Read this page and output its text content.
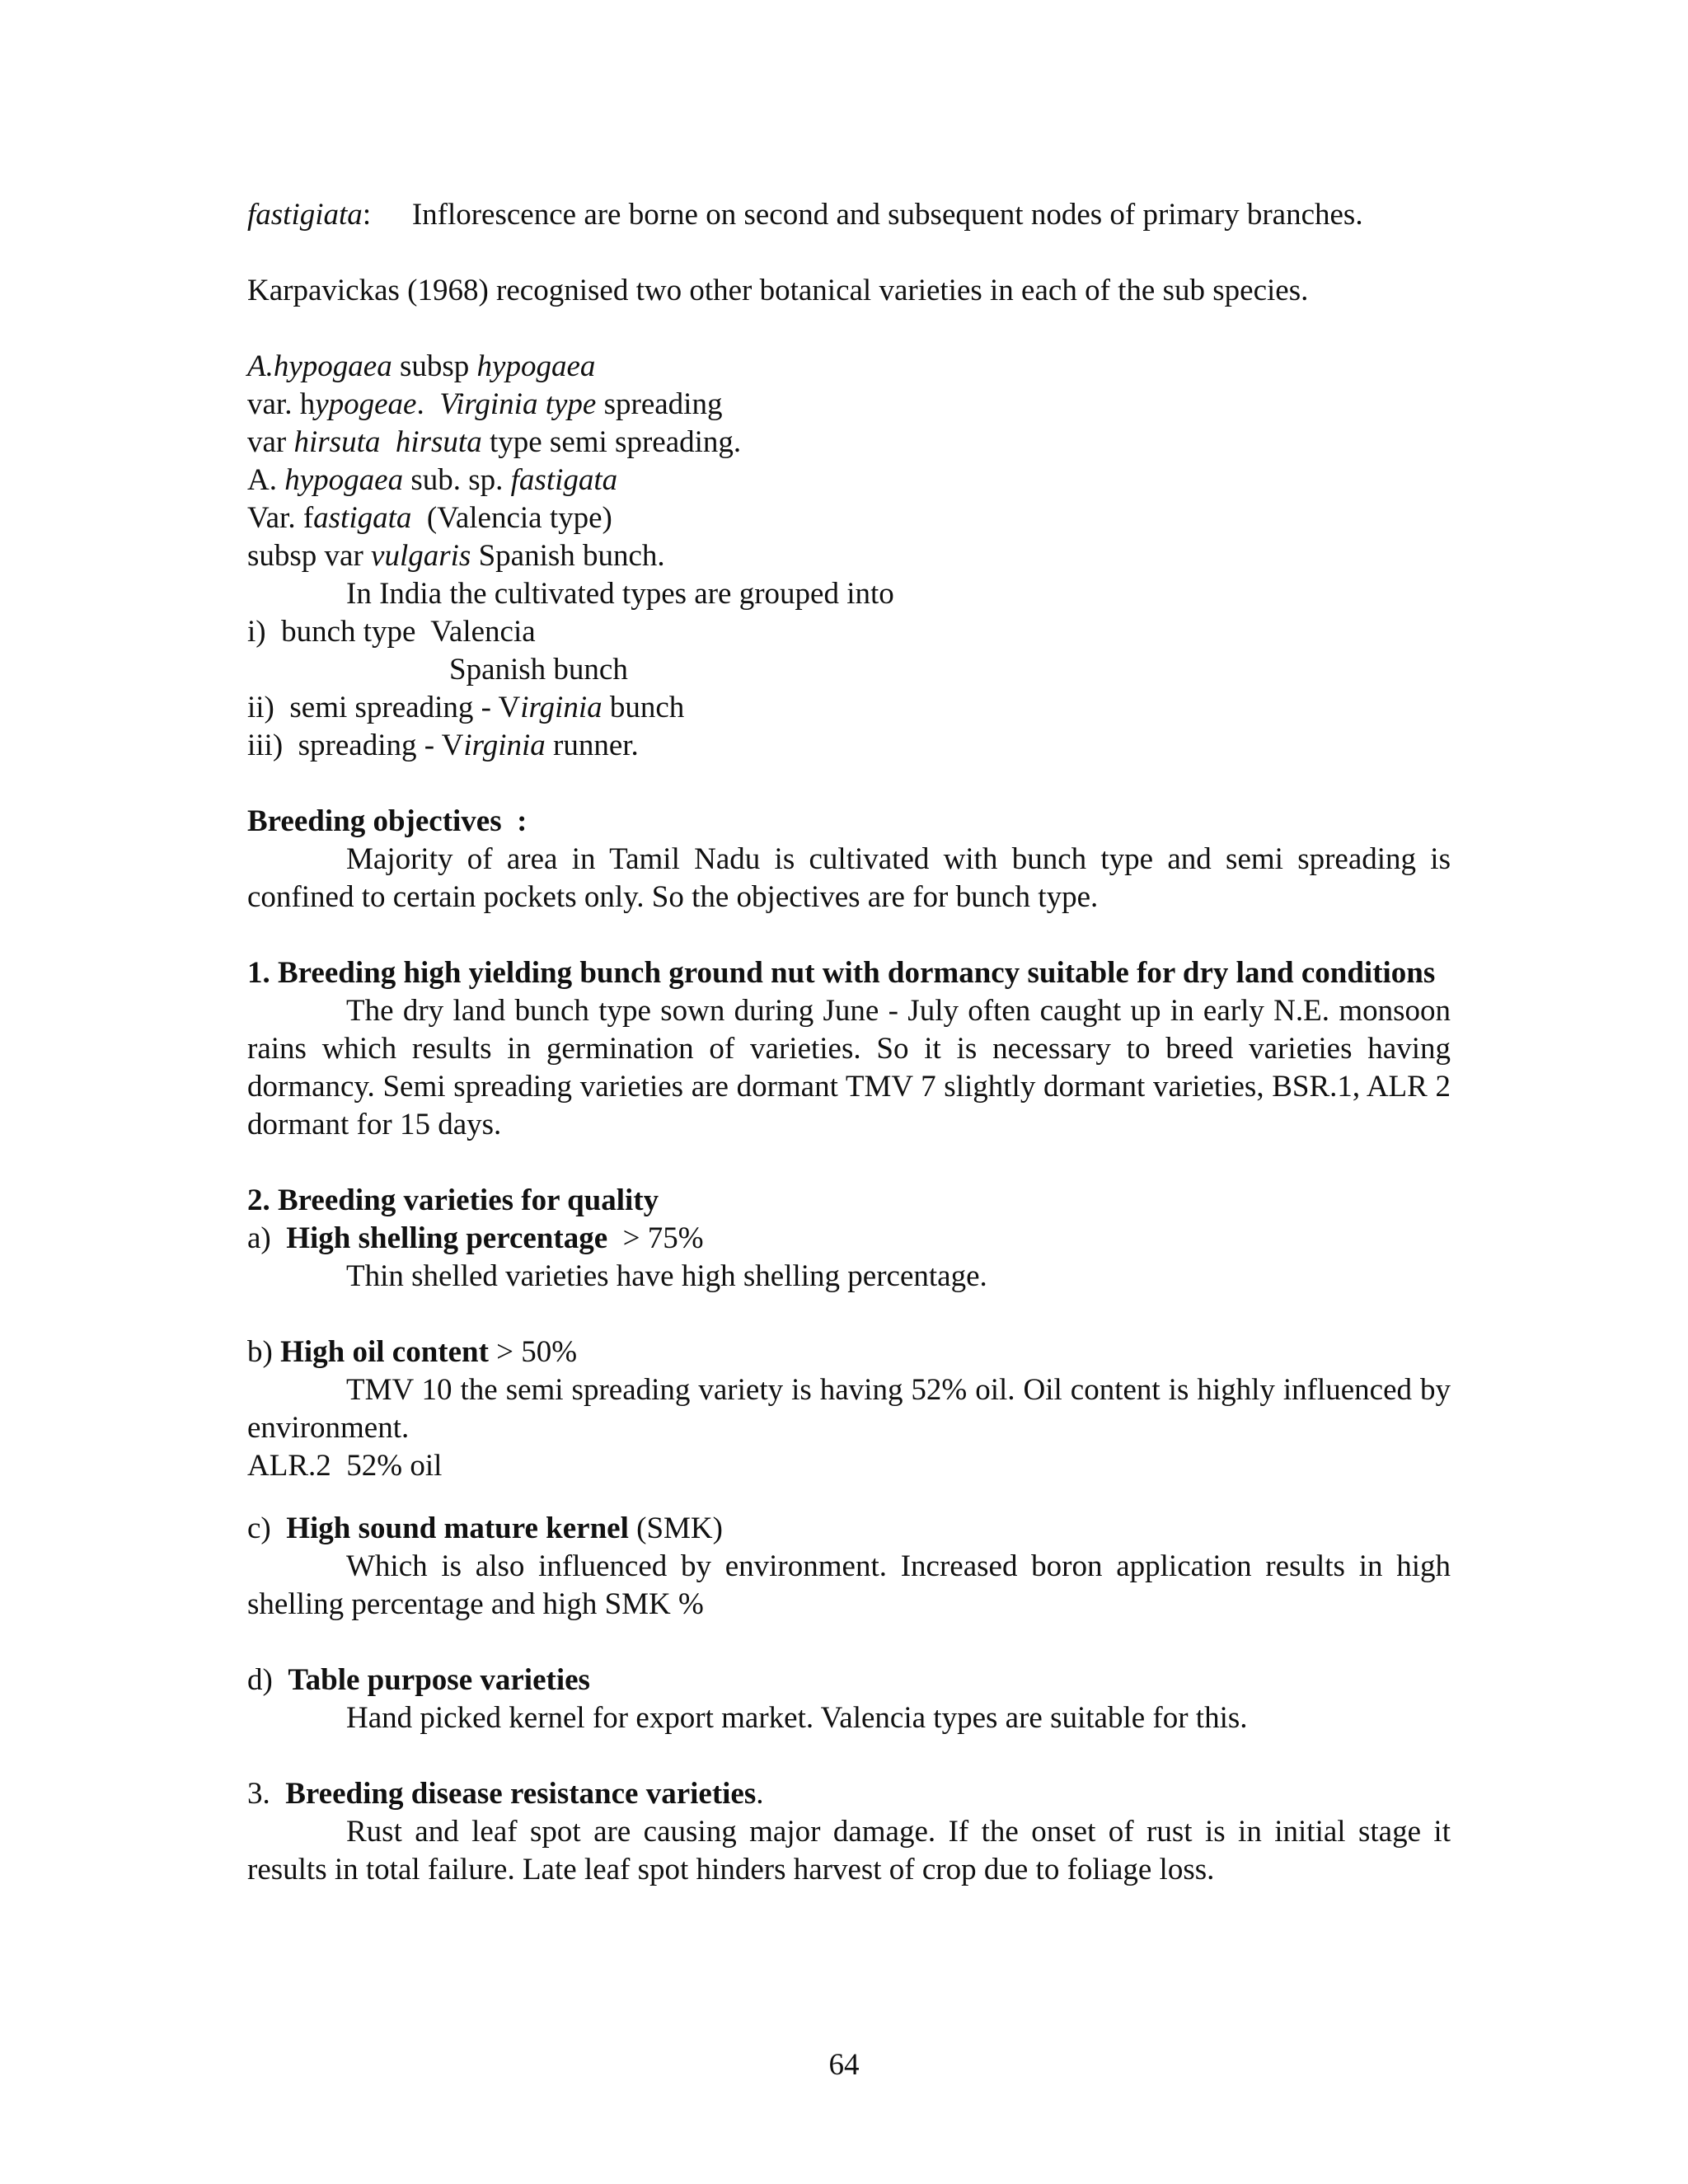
fastigiata: Inflorescence are borne on second and subsequent nodes of primary branches.

Karpavickas (1968) recognised two other botanical varieties in each of the sub species.

A.hypogaea subsp hypogaea

var. hypogeae.  Virginia type spreading

var hirsuta  hirsuta type semi spreading.

A. hypogaea sub. sp. fastigata

Var. fastigata  (Valencia type)

subsp var vulgaris Spanish bunch.

In India the cultivated types are grouped into

i)  bunch type  Valencia

Spanish bunch

ii)  semi spreading - Virginia bunch

iii)  spreading - Virginia runner.

Breeding objectives  :

Majority of area in Tamil Nadu is cultivated with bunch type and semi spreading is confined to certain pockets only. So the objectives are for bunch type.

1. Breeding high yielding bunch ground nut with dormancy suitable for dry land conditions

The dry land bunch type sown during June - July often caught up in early N.E. monsoon rains which results in germination of varieties. So it is necessary to breed varieties having dormancy. Semi spreading varieties are dormant TMV 7 slightly dormant varieties, BSR.1, ALR 2 dormant for 15 days.

2. Breeding varieties for quality

a)  High shelling percentage  > 75%

Thin shelled varieties have high shelling percentage.

b) High oil content > 50%

TMV 10 the semi spreading variety is having 52% oil. Oil content is highly influenced by environment.

ALR.2  52% oil

c)  High sound mature kernel (SMK)

Which is also influenced by environment. Increased boron application results in high shelling percentage and high SMK %

d)  Table purpose varieties

Hand picked kernel for export market. Valencia types are suitable for this.

3.  Breeding disease resistance varieties.

Rust and leaf spot are causing major damage. If the onset of rust is in initial stage it results in total failure. Late leaf spot hinders harvest of crop due to foliage loss.

64
